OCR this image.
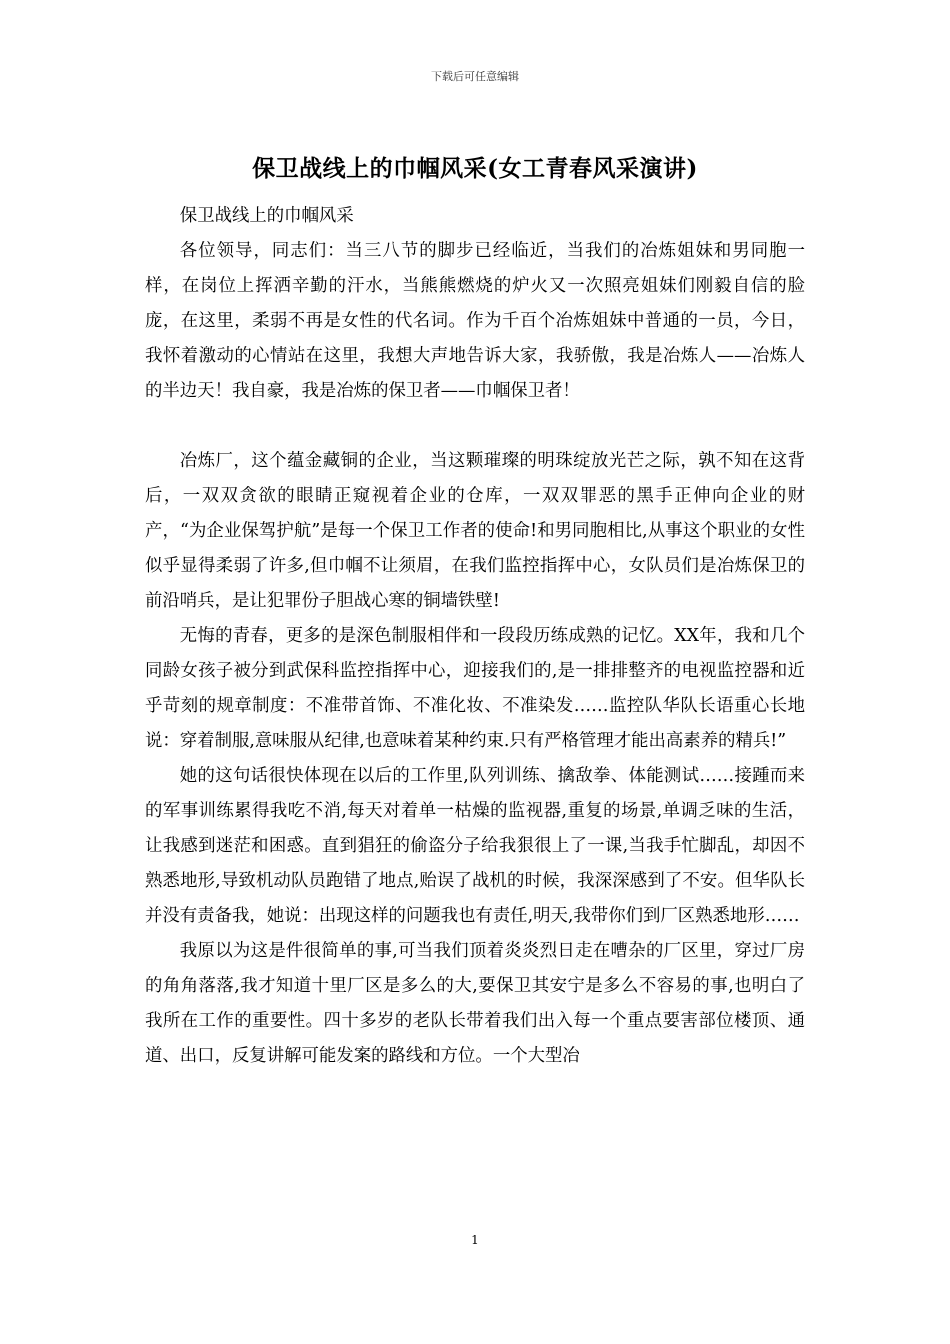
下载后可任意编辑
保卫战线上的巾帼风采(女工青春风采演讲)

保卫战线上的巾帼风采

各位领导，同志们：当三八节的脚步已经临近，当我们的冶炼姐妹和男同胞一样，在岗位上挥洒辛勤的汗水，当熊熊燃烧的炉火又一次照亮姐妹们刚毅自信的脸庞，在这里，柔弱不再是女性的代名词。作为千百个冶炼姐妹中普通的一员，今日，我怀着激动的心情站在这里，我想大声地告诉大家，我骄傲，我是冶炼人——冶炼人的半边天！我自豪，我是冶炼的保卫者——巾帼保卫者！

冶炼厂，这个蕴金藏铜的企业，当这颗璀璨的明珠绽放光芒之际，孰不知在这背后，一双双贪欲的眼睛正窥视着企业的仓库，一双双罪恶的黑手正伸向企业的财产，“为企业保驾护航”是每一个保卫工作者的使命!和男同胞相比,从事这个职业的女性似乎显得柔弱了许多,但巾帼不让须眉，在我们监控指挥中心，女队员们是冶炼保卫的前沿哨兵，是让犯罪份子胆战心寒的铜墙铁壁!

无悔的青春，更多的是深色制服相伴和一段段历练成熟的记忆。XX年，我和几个同龄女孩子被分到武保科监控指挥中心，迎接我们的,是一排排整齐的电视监控器和近乎苛刻的规章制度：不准带首饰、不准化妆、不准染发……监控队华队长语重心长地说：穿着制服,意味服从纪律,也意味着某种约束.只有严格管理才能出高素养的精兵!”

她的这句话很快体现在以后的工作里,队列训练、擒敌拳、体能测试……接踵而来的军事训练累得我吃不消,每天对着单一枯燥的监视器,重复的场景,单调乏味的生活，让我感到迷茫和困惑。直到猖狂的偷盗分子给我狠很上了一课,当我手忙脚乱，却因不熟悉地形,导致机动队员跑错了地点,贻误了战机的时候，我深深感到了不安。但华队长并没有责备我，她说：出现这样的问题我也有责任,明天,我带你们到厂区熟悉地形……

我原以为这是件很简单的事,可当我们顶着炎炎烈日走在嘈杂的厂区里，穿过厂房的角角落落,我才知道十里厂区是多么的大,要保卫其安宁是多么不容易的事,也明白了我所在工作的重要性。四十多岁的老队长带着我们出入每一个重点要害部位楼顶、通道、出口，反复讲解可能发案的路线和方位。一个大型冶

1
